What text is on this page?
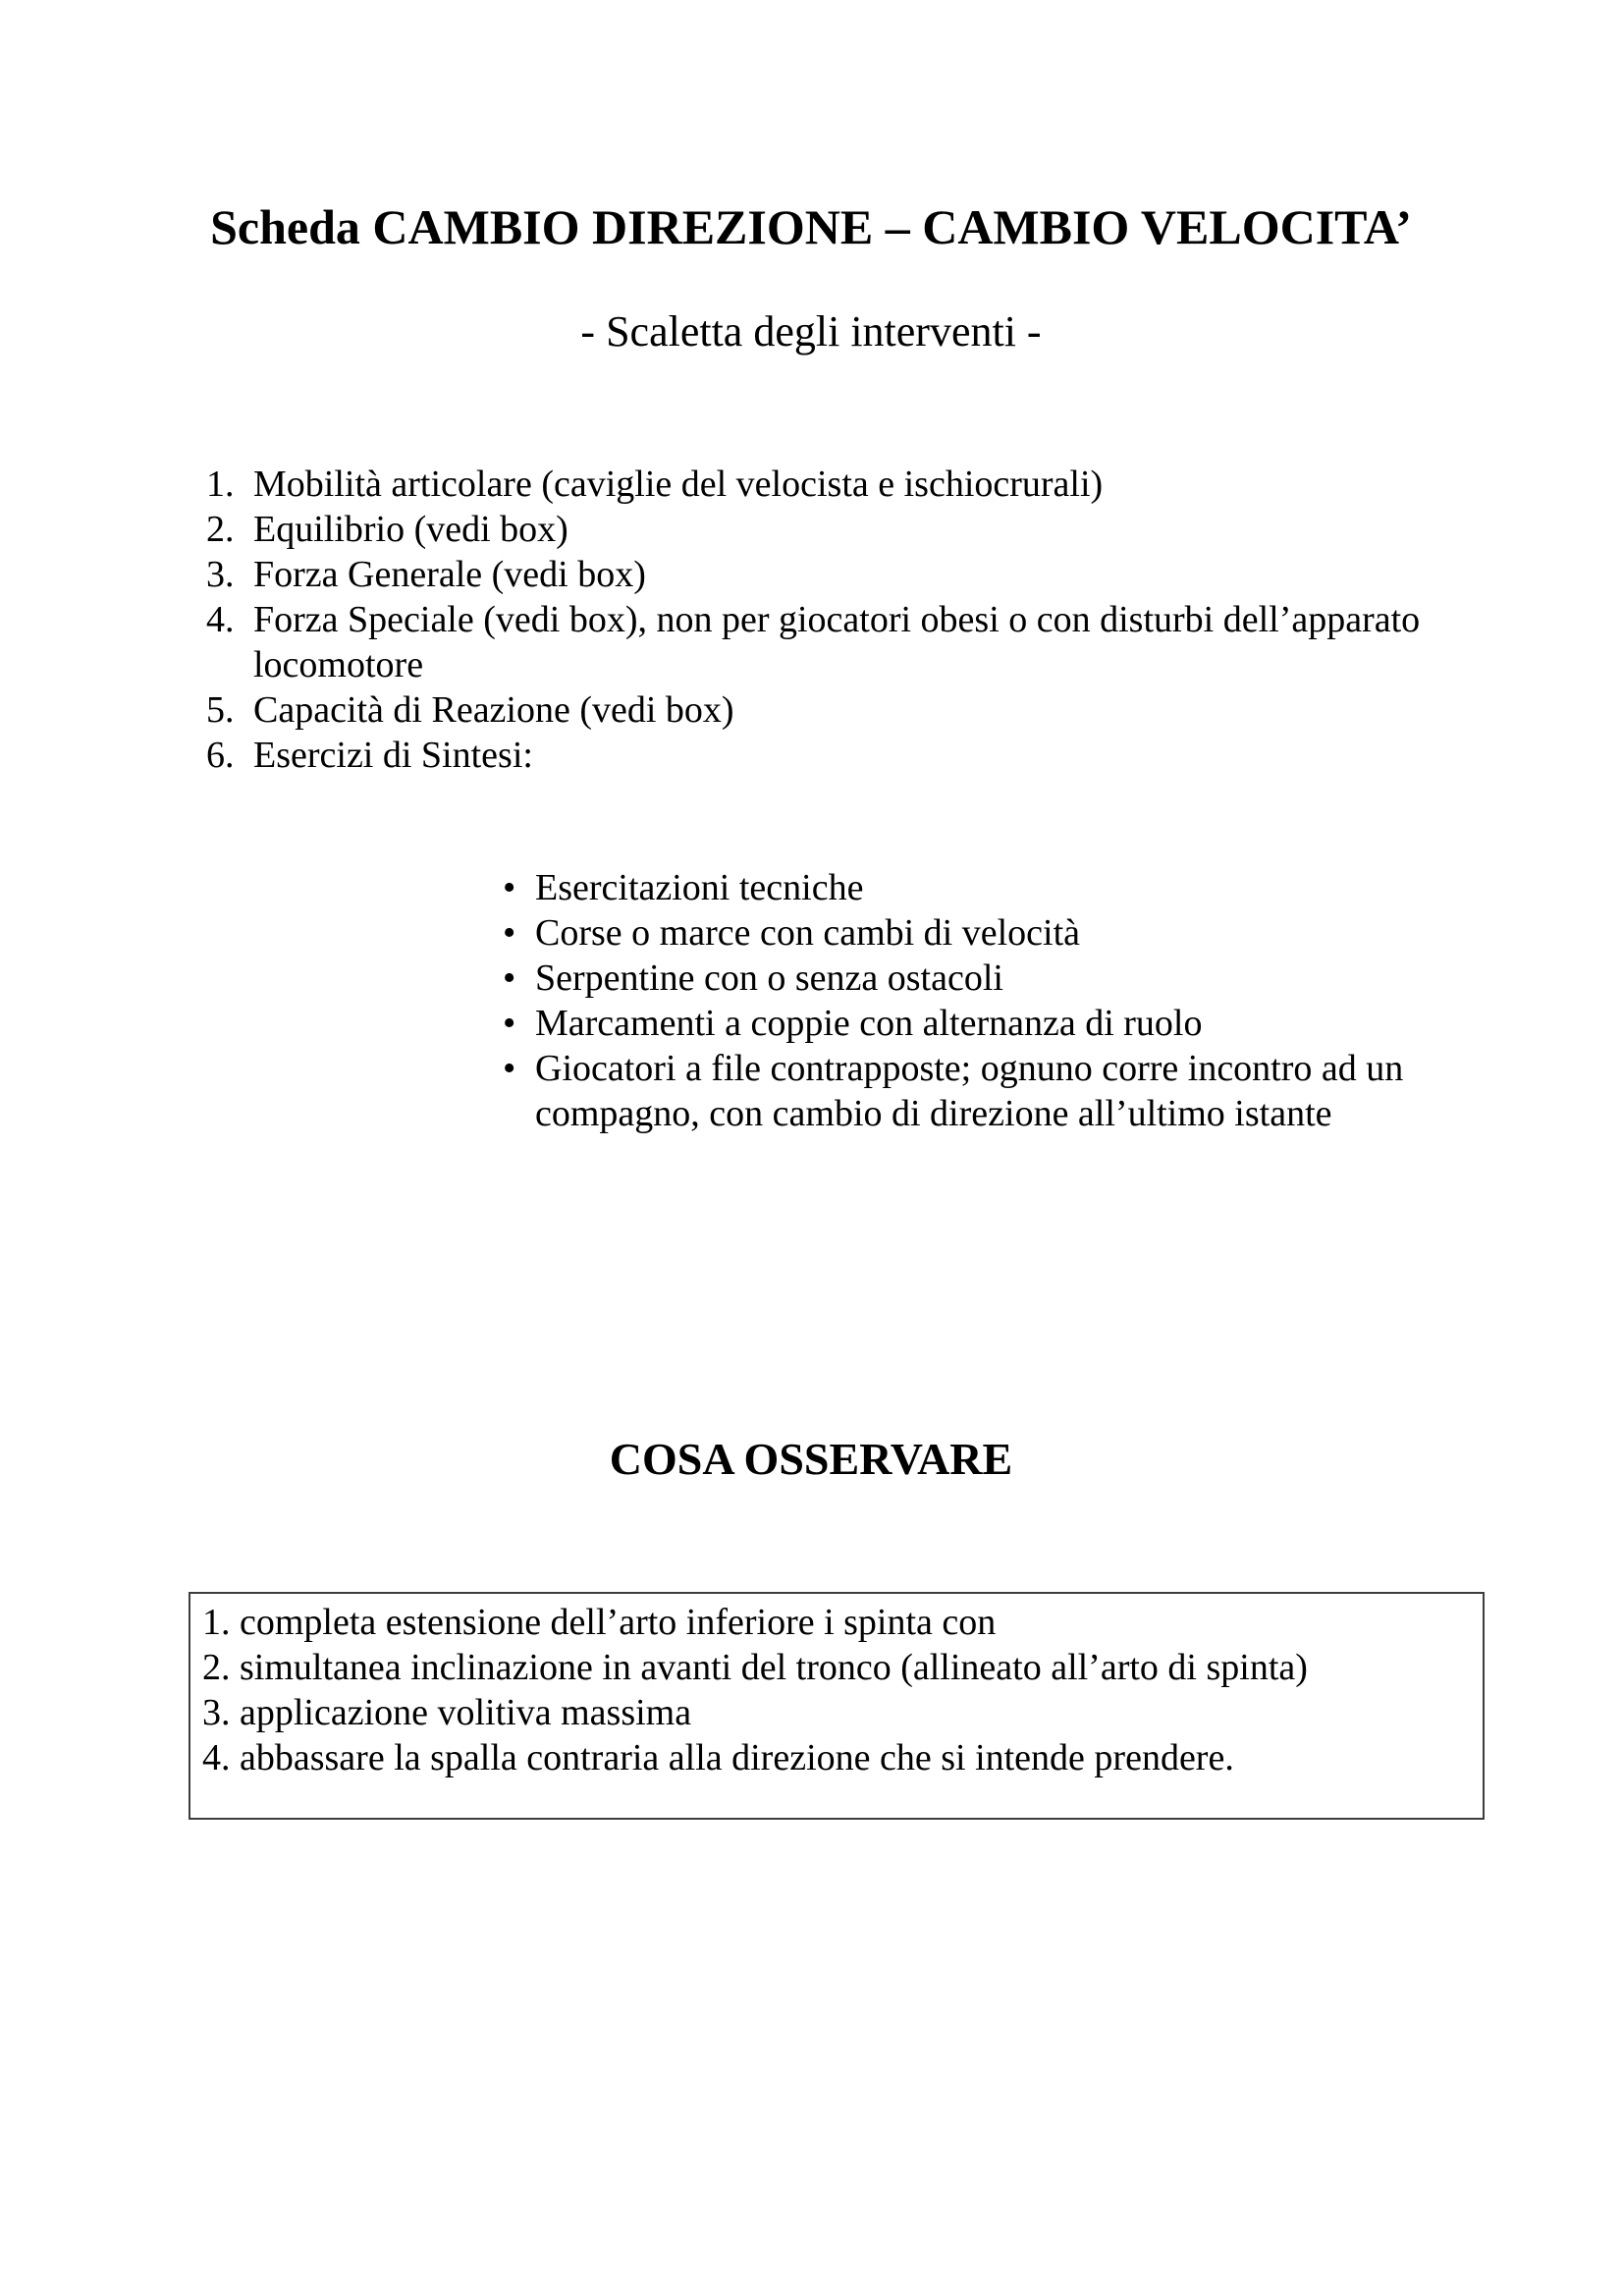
Scheda CAMBIO DIREZIONE – CAMBIO VELOCITA’
- Scaletta degli interventi -
1. Mobilità articolare (caviglie del velocista e ischiocrurali)
2. Equilibrio (vedi box)
3. Forza Generale (vedi box)
4. Forza Speciale (vedi box), non per giocatori obesi o con disturbi dell’apparato
locomotore
5. Capacità di Reazione (vedi box)
6. Esercizi di Sintesi:
• Esercitazioni tecniche
• Corse o marce con cambi di velocità
• Serpentine con o senza ostacoli
• Marcamenti a coppie con alternanza di ruolo
• Giocatori a file contrapposte; ognuno corre incontro ad un
compagno, con cambio di direzione all’ultimo istante
COSA OSSERVARE
1. completa estensione dell’arto inferiore i spinta con
2. simultanea inclinazione in avanti del tronco (allineato all’arto di spinta)
3. applicazione volitiva massima
4. abbassare la spalla contraria alla direzione che si intende prendere.
